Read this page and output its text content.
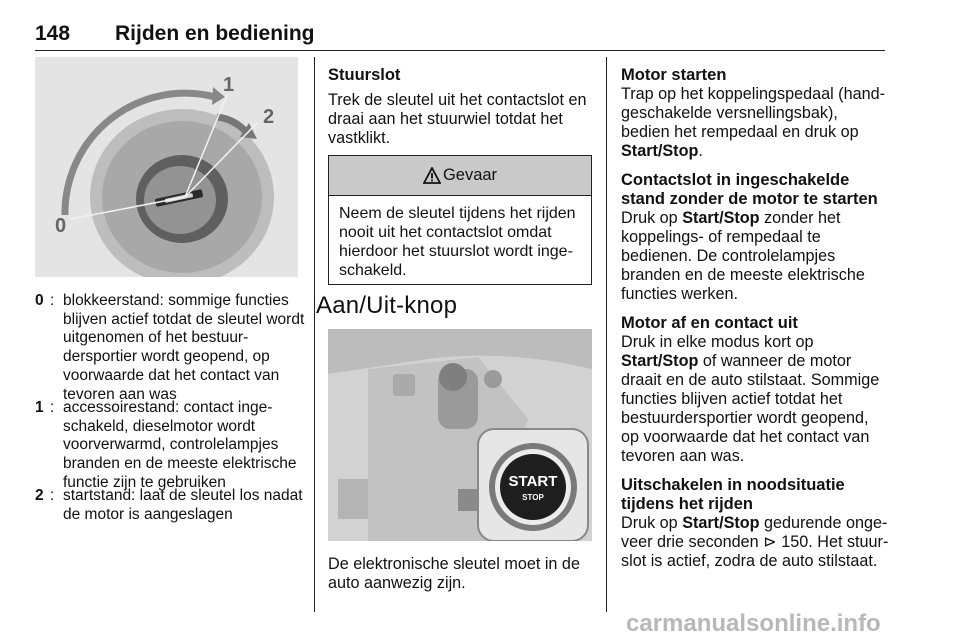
148 Rijden en bediening
0
1
2
0 : blokkeerstand: sommige functies blijven actief totdat de sleutel wordt uitgenomen of het bestuurdersportier wordt geopend, op voorwaarde dat het contact van tevoren aan was
1 : accessoirestand: contact ingeschakeld, dieselmotor wordt voorverwarmd, controlelampjes branden en de meeste elektrische functie zijn te gebruiken
2 : startstand: laat de sleutel los nadat de motor is aangeslagen
Stuurslot

Trek de sleutel uit het contactslot en draai aan het stuurwiel totdat het vastklikt.

Gevaar
Neem de sleutel tijdens het rijden nooit uit het contactslot omdat hierdoor het stuurslot wordt ingeschakeld.
Aan/Uit-knop
START
STOP

De elektronische sleutel moet in de auto aanwezig zijn.

Motor starten

Trap op het koppelingspedaal (handgeschakelde versnellingsbak), bedien het rempedaal en druk op Start/Stop.

Contactslot in ingeschakelde stand zonder de motor te starten

Druk op Start/Stop zonder het koppelings- of rempedaal te bedienen. De controlelampjes branden en de meeste elektrische functies werken.

Motor af en contact uit

Druk in elke modus kort op Start/Stop of wanneer de motor draait en de auto stilstaat. Sommige functies blijven actief totdat het bestuurdersportier wordt geopend, op voorwaarde dat het contact van tevoren aan was.

Uitschakelen in noodsituatie tijdens het rijden

Druk op Start/Stop gedurende ongeveer drie seconden ⊳ 150. Het stuurslot is actief, zodra de auto stilstaat.

carmanualsonline.info
